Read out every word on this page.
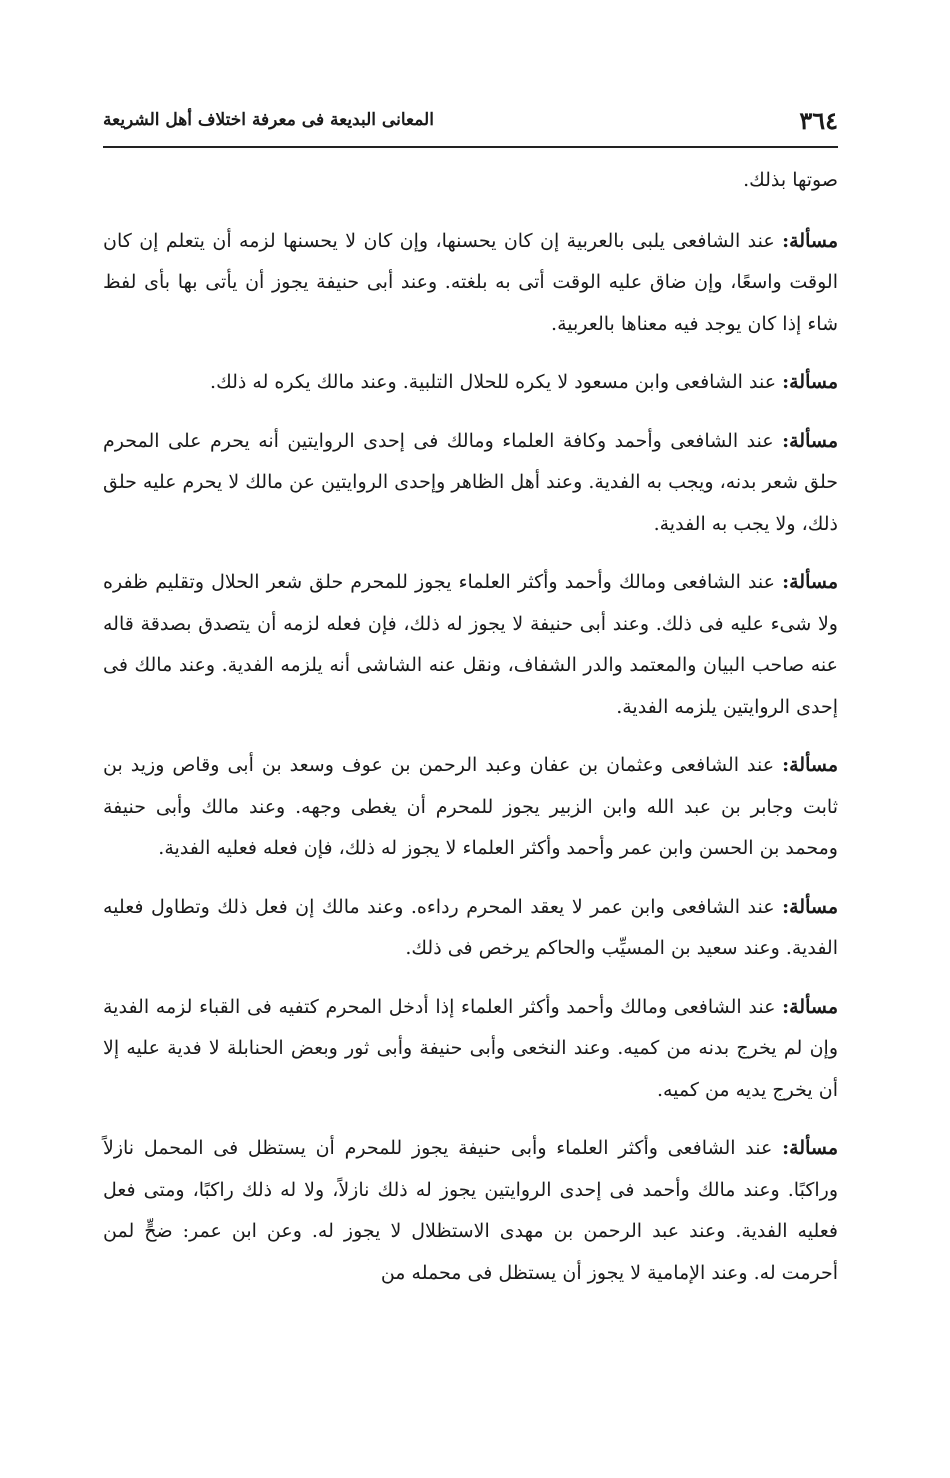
٣٦٤
المعانى البديعة فى معرفة اختلاف أهل الشريعة

صوتها بذلك.

مسألة: عند الشافعى يلبى بالعربية إن كان يحسنها، وإن كان لا يحسنها لزمه أن يتعلم إن كان الوقت واسعًا، وإن ضاق عليه الوقت أتى به بلغته. وعند أبى حنيفة يجوز أن يأتى بها بأى لفظ شاء إذا كان يوجد فيه معناها بالعربية.

مسألة: عند الشافعى وابن مسعود لا يكره للحلال التلبية. وعند مالك يكره له ذلك.

مسألة: عند الشافعى وأحمد وكافة العلماء ومالك فى إحدى الروايتين أنه يحرم على المحرم حلق شعر بدنه، ويجب به الفدية. وعند أهل الظاهر وإحدى الروايتين عن مالك لا يحرم عليه حلق ذلك، ولا يجب به الفدية.

مسألة: عند الشافعى ومالك وأحمد وأكثر العلماء يجوز للمحرم حلق شعر الحلال وتقليم ظفره ولا شىء عليه فى ذلك. وعند أبى حنيفة لا يجوز له ذلك، فإن فعله لزمه أن يتصدق بصدقة قاله عنه صاحب البيان والمعتمد والدر الشفاف، ونقل عنه الشاشى أنه يلزمه الفدية. وعند مالك فى إحدى الروايتين يلزمه الفدية.

مسألة: عند الشافعى وعثمان بن عفان وعبد الرحمن بن عوف وسعد بن أبى وقاص وزيد بن ثابت وجابر بن عبد الله وابن الزبير يجوز للمحرم أن يغطى وجهه. وعند مالك وأبى حنيفة ومحمد بن الحسن وابن عمر وأحمد وأكثر العلماء لا يجوز له ذلك، فإن فعله فعليه الفدية.

مسألة: عند الشافعى وابن عمر لا يعقد المحرم رداءه. وعند مالك إن فعل ذلك وتطاول فعليه الفدية. وعند سعيد بن المسيِّب والحاكم يرخص فى ذلك.

مسألة: عند الشافعى ومالك وأحمد وأكثر العلماء إذا أدخل المحرم كتفيه فى القباء لزمه الفدية وإن لم يخرج بدنه من كميه. وعند النخعى وأبى حنيفة وأبى ثور وبعض الحنابلة لا فدية عليه إلا أن يخرج يديه من كميه.

مسألة: عند الشافعى وأكثر العلماء وأبى حنيفة يجوز للمحرم أن يستظل فى المحمل نازلاً وراكبًا. وعند مالك وأحمد فى إحدى الروايتين يجوز له ذلك نازلاً، ولا له ذلك راكبًا، ومتى فعل فعليه الفدية. وعند عبد الرحمن بن مهدى الاستظلال لا يجوز له. وعن ابن عمر: ضحٍّ لمن أحرمت له. وعند الإمامية لا يجوز أن يستظل فى محمله من
